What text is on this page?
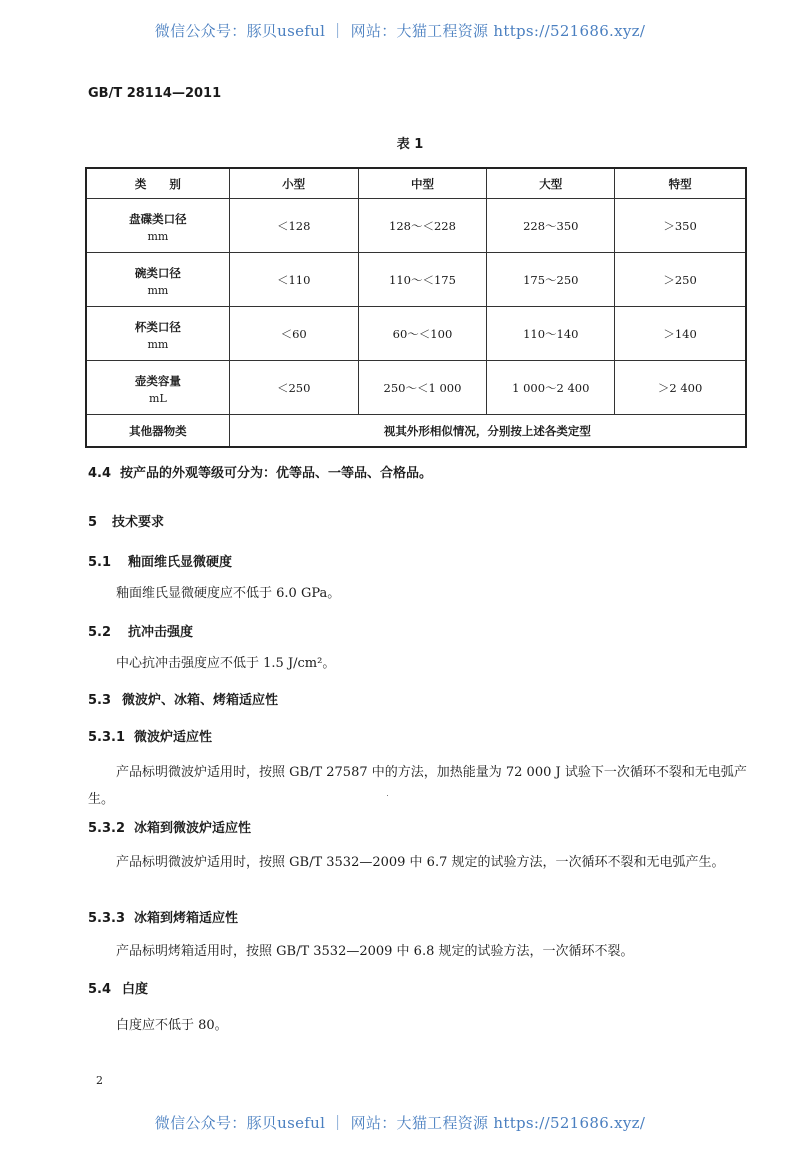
微信公众号：豚贝useful ｜ 网站：大猫工程资源 https://521686.xyz/
GB/T 28114—2011
表 1
类　　别	小型	中型	大型	特型

盘碟类口径
mm	＜128	128～＜228	228～350	＞350

碗类口径
mm	＜110	110～＜175	175～250	＞250

杯类口径
mm	＜60	60～＜100	110～140	＞140

壶类容量
mL	＜250	250～＜1 000	1 000～2 400	＞2 400

其他器物类	视其外形相似情况，分别按上述各类定型			
4.4 按产品的外观等级可分为：优等品、一等品、合格品。
5 技术要求
5.1 釉面维氏显微硬度
釉面维氏显微硬度应不低于 6.0 GPa。
5.2 抗冲击强度
中心抗冲击强度应不低于 1.5 J/cm²。
5.3 微波炉、冰箱、烤箱适应性
5.3.1 微波炉适应性
产品标明微波炉适用时，按照 GB/T 27587 中的方法，加热能量为 72 000 J 试验下一次循环不裂和无电弧产生。
5.3.2 冰箱到微波炉适应性
产品标明微波炉适用时，按照 GB/T 3532—2009 中 6.7 规定的试验方法，一次循环不裂和无电弧产生。
5.3.3 冰箱到烤箱适应性
产品标明烤箱适用时，按照 GB/T 3532—2009 中 6.8 规定的试验方法，一次循环不裂。
5.4 白度
白度应不低于 80。
2
微信公众号：豚贝useful ｜ 网站：大猫工程资源 https://521686.xyz/
